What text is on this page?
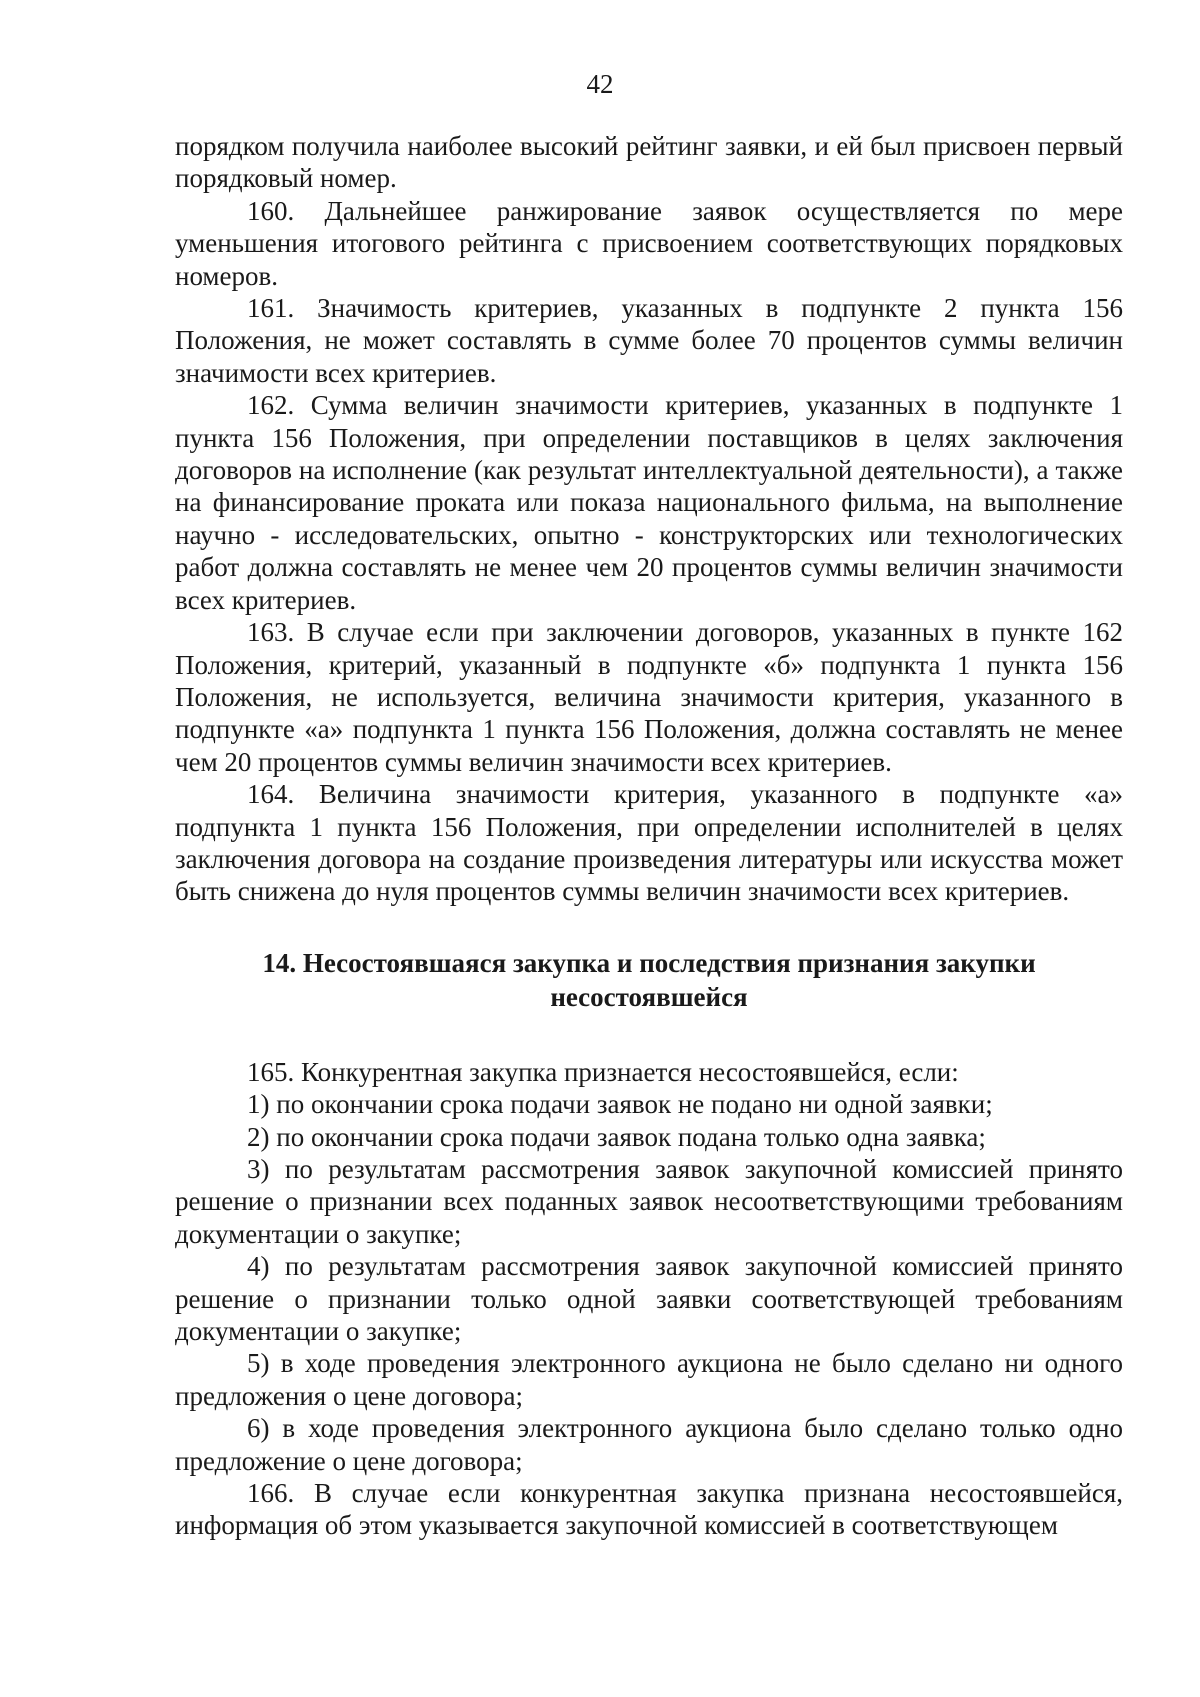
42

порядком получила наиболее высокий рейтинг заявки, и ей был присвоен первый порядковый номер.

160. Дальнейшее ранжирование заявок осуществляется по мере уменьшения итогового рейтинга с присвоением соответствующих порядковых номеров.

161. Значимость критериев, указанных в подпункте 2 пункта 156 Положения, не может составлять в сумме более 70 процентов суммы величин значимости всех критериев.

162. Сумма величин значимости критериев, указанных в подпункте 1 пункта 156 Положения, при определении поставщиков в целях заключения договоров на исполнение (как результат интеллектуальной деятельности), а также на финансирование проката или показа национального фильма, на выполнение научно - исследовательских, опытно - конструкторских или технологических работ должна составлять не менее чем 20 процентов суммы величин значимости всех критериев.

163. В случае если при заключении договоров, указанных в пункте 162 Положения, критерий, указанный в подпункте «б» подпункта 1 пункта 156 Положения, не используется, величина значимости критерия, указанного в подпункте «а» подпункта 1 пункта 156 Положения, должна составлять не менее чем 20 процентов суммы величин значимости всех критериев.

164. Величина значимости критерия, указанного в подпункте «а» подпункта 1 пункта 156 Положения, при определении исполнителей в целях заключения договора на создание произведения литературы или искусства может быть снижена до нуля процентов суммы величин значимости всех критериев.

14. Несостоявшаяся закупка и последствия признания закупки
несостоявшейся

165. Конкурентная закупка признается несостоявшейся, если:

1) по окончании срока подачи заявок не подано ни одной заявки;

2) по окончании срока подачи заявок подана только одна заявка;

3) по результатам рассмотрения заявок закупочной комиссией принято решение о признании всех поданных заявок несоответствующими требованиям документации о закупке;

4) по результатам рассмотрения заявок закупочной комиссией принято решение о признании только одной заявки соответствующей требованиям документации о закупке;

5) в ходе проведения электронного аукциона не было сделано ни одного предложения о цене договора;

6) в ходе проведения электронного аукциона было сделано только одно предложение о цене договора;

166. В случае если конкурентная закупка признана несостоявшейся, информация об этом указывается закупочной комиссией в соответствующем
